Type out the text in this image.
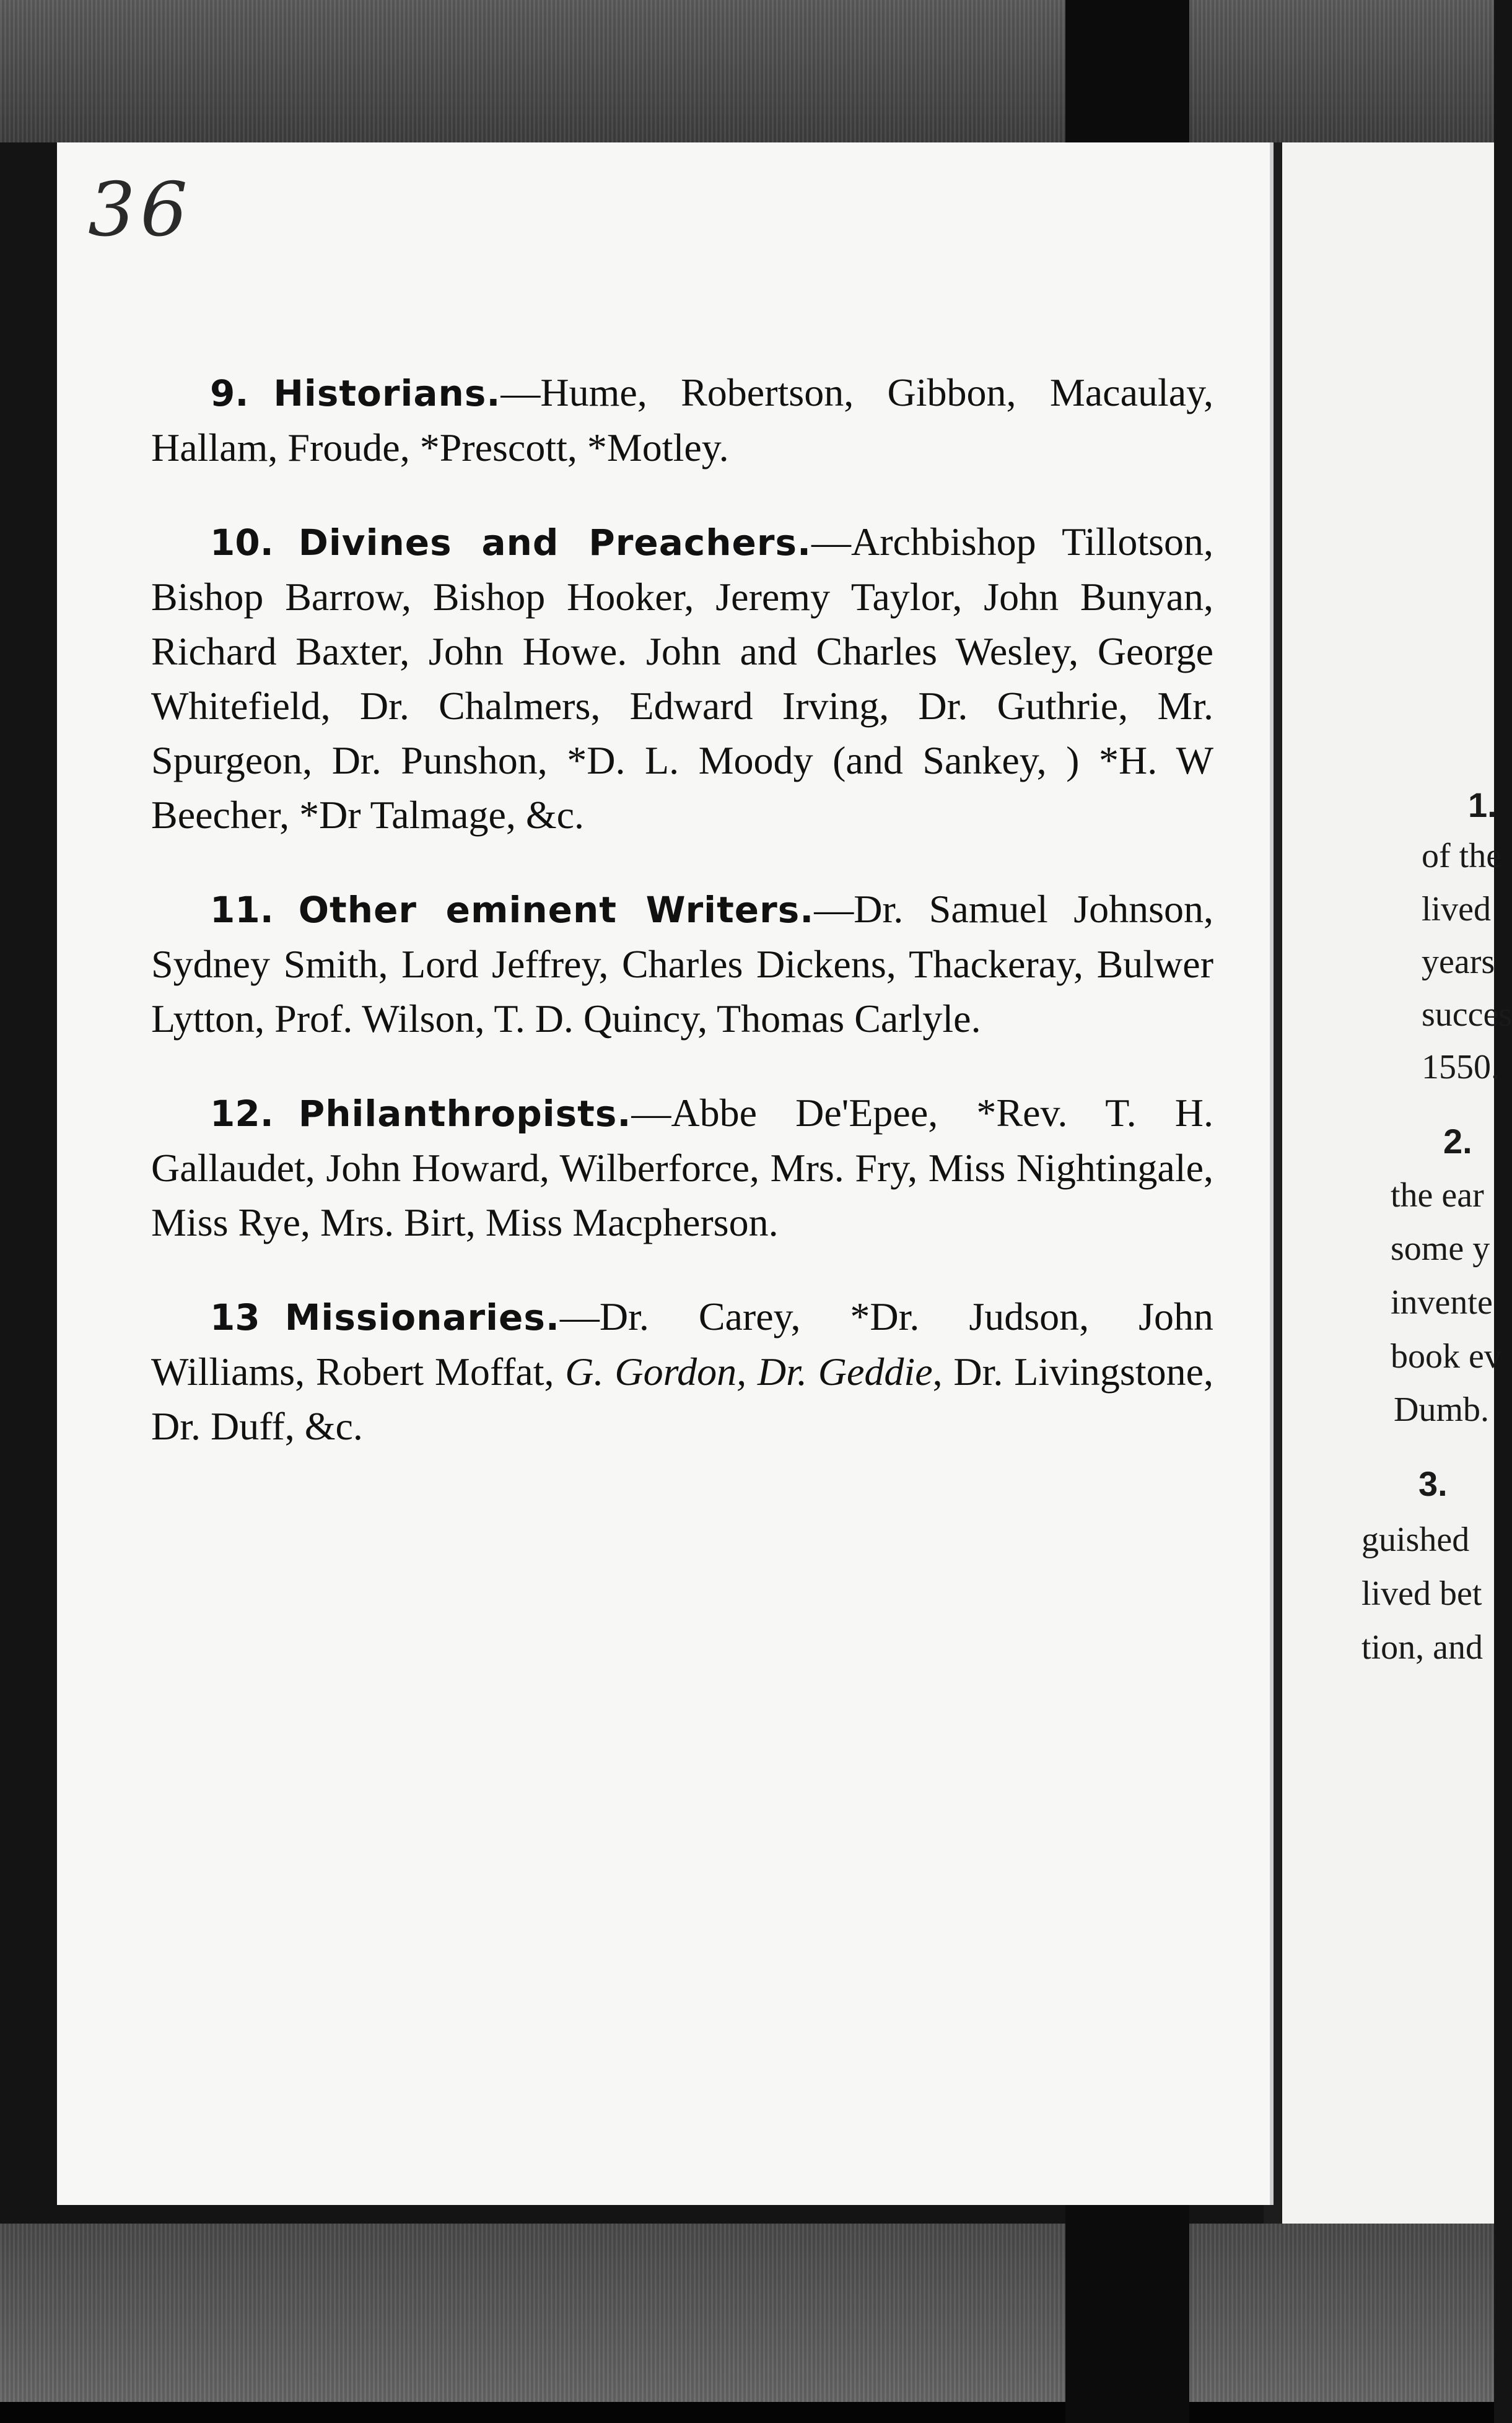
1.
of the
lived
years
succes
1550.
2.
the ear
some y
invente
book ev
Dumb.
3.
guished
lived bet
tion, and
36

9. Historians.—Hume, Robertson, Gibbon, Macaulay, Hallam, Froude, *Prescott, *Motley.

10. Divines and Preachers.—Archbishop Tillotson, Bishop Barrow, Bishop Hooker, Jeremy Taylor, John Bunyan, Richard Baxter, John Howe. John and Charles Wesley, George Whitefield, Dr. Chalmers, Edward Irving, Dr. Guthrie, Mr. Spurgeon, Dr. Punshon, *D. L. Moody (and Sankey, ) *H. W Beecher, *Dr Talmage, &c.

11. Other eminent Writers.—Dr. Samuel Johnson, Sydney Smith, Lord Jeffrey, Charles Dickens, Thackeray, Bulwer Lytton, Prof. Wilson, T. D. Quincy, Thomas Carlyle.

12. Philanthropists.—Abbe De'Epee, *Rev. T. H. Gallaudet, John Howard, Wilberforce, Mrs. Fry, Miss Nightingale, Miss Rye, Mrs. Birt, Miss Macpherson.

13 Missionaries.—Dr. Carey, *Dr. Judson, John Williams, Robert Moffat, G. Gordon, Dr. Geddie, Dr. Livingstone, Dr. Duff, &c.
